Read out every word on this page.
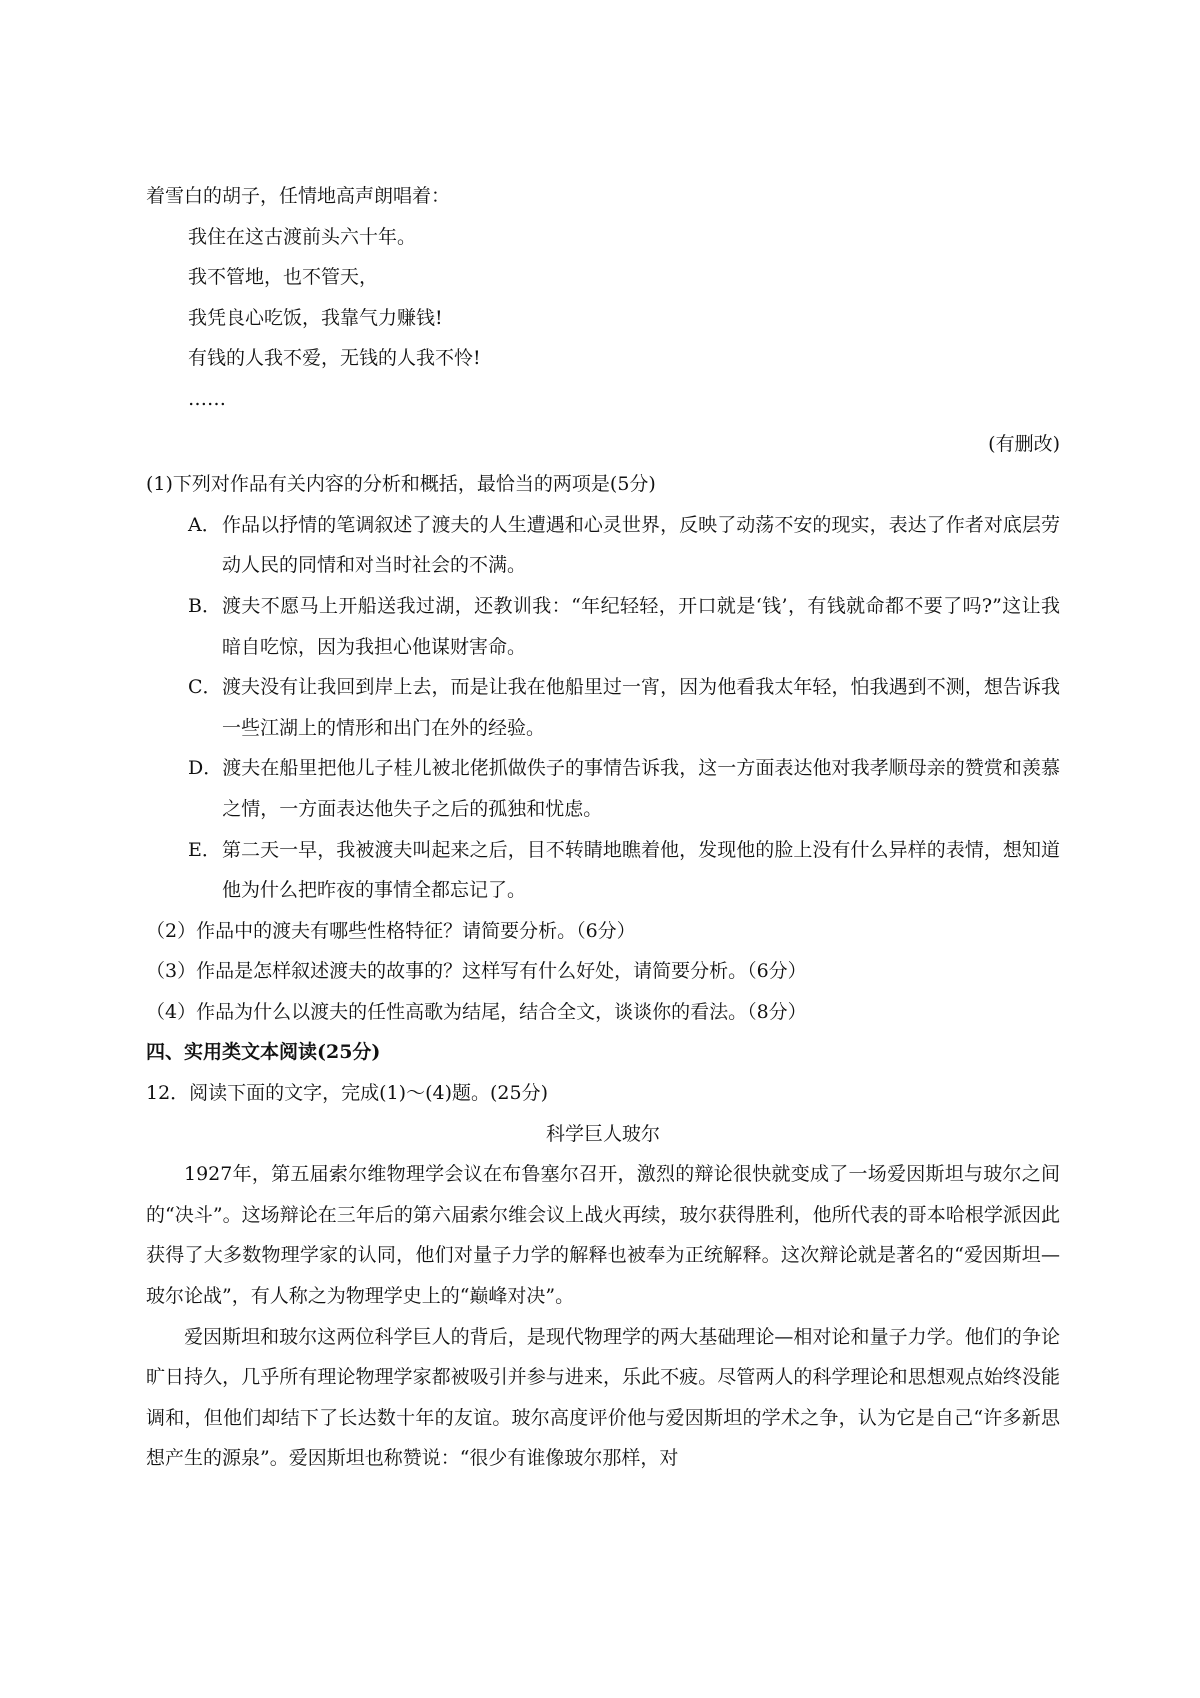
着雪白的胡子，任情地高声朗唱着：
我住在这古渡前头六十年。
我不管地，也不管天，
我凭良心吃饭，我靠气力赚钱!
有钱的人我不爱，无钱的人我不怜!
……
(有删改)
(1)下列对作品有关内容的分析和概括，最恰当的两项是(5分)
A． 作品以抒情的笔调叙述了渡夫的人生遭遇和心灵世界，反映了动荡不安的现实，表达了作者对底层劳动人民的同情和对当时社会的不满。
B． 渡夫不愿马上开船送我过湖，还教训我：“年纪轻轻，开口就是‘钱’，有钱就命都不要了吗?”这让我暗自吃惊，因为我担心他谋财害命。
C． 渡夫没有让我回到岸上去，而是让我在他船里过一宵，因为他看我太年轻，怕我遇到不测，想告诉我一些江湖上的情形和出门在外的经验。
D． 渡夫在船里把他儿子桂儿被北佬抓做佚子的事情告诉我，这一方面表达他对我孝顺母亲的赞赏和羡慕之情，一方面表达他失子之后的孤独和忧虑。
E． 第二天一早，我被渡夫叫起来之后，目不转睛地瞧着他，发现他的脸上没有什么异样的表情，想知道他为什么把昨夜的事情全都忘记了。
（2）作品中的渡夫有哪些性格特征？请简要分析。（6分）
（3）作品是怎样叙述渡夫的故事的？这样写有什么好处，请简要分析。（6分）
（4）作品为什么以渡夫的任性高歌为结尾，结合全文，谈谈你的看法。（8分）
四、实用类文本阅读(25分)
12．阅读下面的文字，完成(1)～(4)题。(25分)
科学巨人玻尔
1927年，第五届索尔维物理学会议在布鲁塞尔召开，激烈的辩论很快就变成了一场爱因斯坦与玻尔之间的“决斗”。这场辩论在三年后的第六届索尔维会议上战火再续，玻尔获得胜利，他所代表的哥本哈根学派因此获得了大多数物理学家的认同，他们对量子力学的解释也被奉为正统解释。这次辩论就是著名的“爱因斯坦—玻尔论战”，有人称之为物理学史上的“巅峰对决”。
爱因斯坦和玻尔这两位科学巨人的背后，是现代物理学的两大基础理论—相对论和量子力学。他们的争论旷日持久，几乎所有理论物理学家都被吸引并参与进来，乐此不疲。尽管两人的科学理论和思想观点始终没能调和，但他们却结下了长达数十年的友谊。玻尔高度评价他与爱因斯坦的学术之争，认为它是自己“许多新思想产生的源泉”。爱因斯坦也称赞说：“很少有谁像玻尔那样，对
